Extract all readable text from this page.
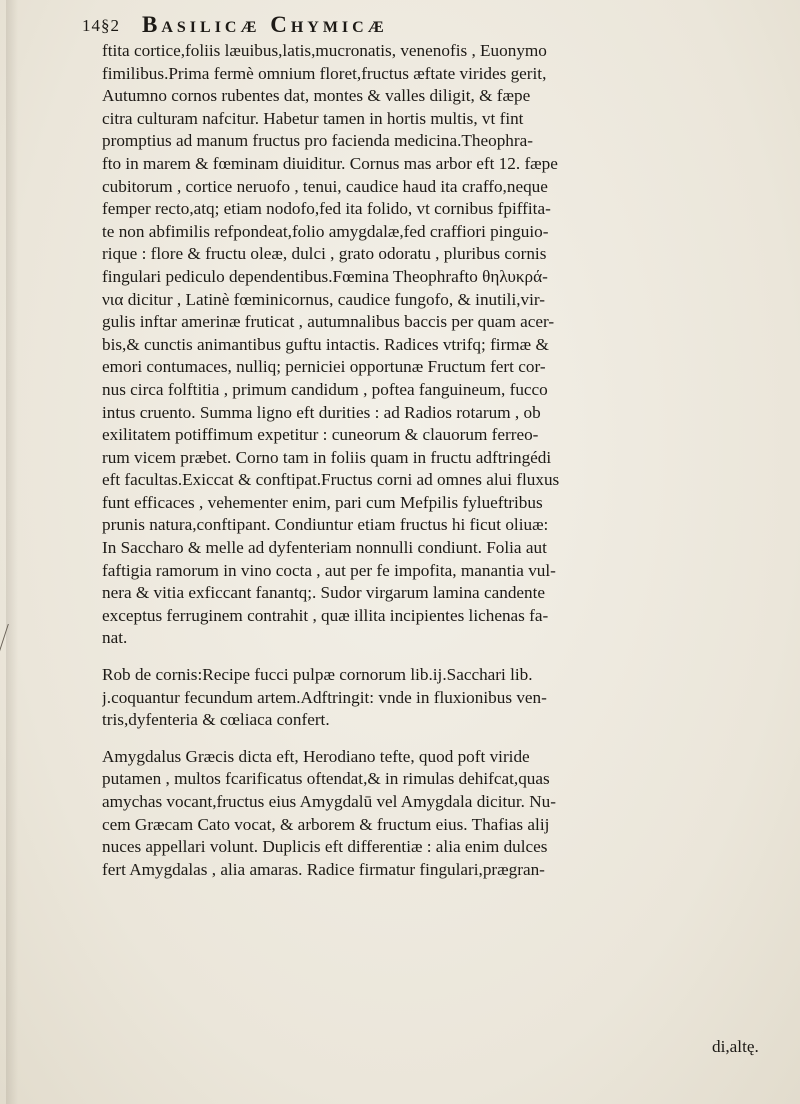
14§2 Basilicæ Chymicæ
ftita cortice,foliis læuibus,latis,mucronatis, venenofis , Euonymo
fimilibus.Prima fermè omnium floret,fructus æftate virides gerit,
Autumno cornos rubentes dat, montes & valles diligit, & fæpe
citra culturam nafcitur. Habetur tamen in hortis multis, vt fint
promptius ad manum fructus pro facienda medicina.Theophra-
fto in marem & fœminam diuiditur. Cornus mas arbor eft 12. fæpe
cubitorum , cortice neruofo , tenui, caudice haud ita craffo,neque
femper recto,atq; etiam nodofo,fed ita folido, vt cornibus fpiffita-
te non abfimilis refpondeat,folio amygdalæ,fed craffiori pinguio-
rique : flore & fructu oleæ, dulci , grato odoratu , pluribus cornis
fingulari pediculo dependentibus.Fœmina Theophrafto θηλυκρά-
νια dicitur , Latinè fœminicornus, caudice fungofo, & inutili,vir-
gulis inftar amerinæ fruticat , autumnalibus baccis per quam acer-
bis,& cunctis animantibus guftu intactis. Radices vtrifq; firmæ &
emori contumaces, nulliq; perniciei opportunæ Fructum fert cor-
nus circa folftitia , primum candidum , poftea fanguineum, fucco
intus cruento. Summa ligno eft durities : ad Radios rotarum , ob
exilitatem potiffimum expetitur : cuneorum & clauorum ferreo-
rum vicem præbet. Corno tam in foliis quam in fructu adftringédi
eft facultas.Exiccat & conftipat.Fructus corni ad omnes alui fluxus
funt efficaces , vehementer enim, pari cum Mefpilis fylueftribus
prunis natura,conftipant. Condiuntur etiam fructus hi ficut oliuæ:
In Saccharo & melle ad dyfenteriam nonnulli condiunt. Folia aut
faftigia ramorum in vino cocta , aut per fe impofita, manantia vul-
nera & vitia exficcant fanantq;. Sudor virgarum lamina candente
exceptus ferruginem contrahit , quæ illita incipientes lichenas fa-
nat.
Rob de cornis:Recipe fucci pulpæ cornorum lib.ij.Sacchari lib.
j.coquantur fecundum artem.Adftringit: vnde in fluxionibus ven-
tris,dyfenteria & cœliaca confert.
Amygdalus Græcis dicta eft, Herodiano tefte, quod poft viride
putamen , multos fcarificatus oftendat,& in rimulas dehifcat,quas
amychas vocant,fructus eius Amygdalū vel Amygdala dicitur. Nu-
cem Græcam Cato vocat, & arborem & fructum eius. Thafias alij
nuces appellari volunt. Duplicis eft differentiæ : alia enim dulces
fert Amygdalas , alia amaras. Radice firmatur fingulari,prægran-
di,altę.
